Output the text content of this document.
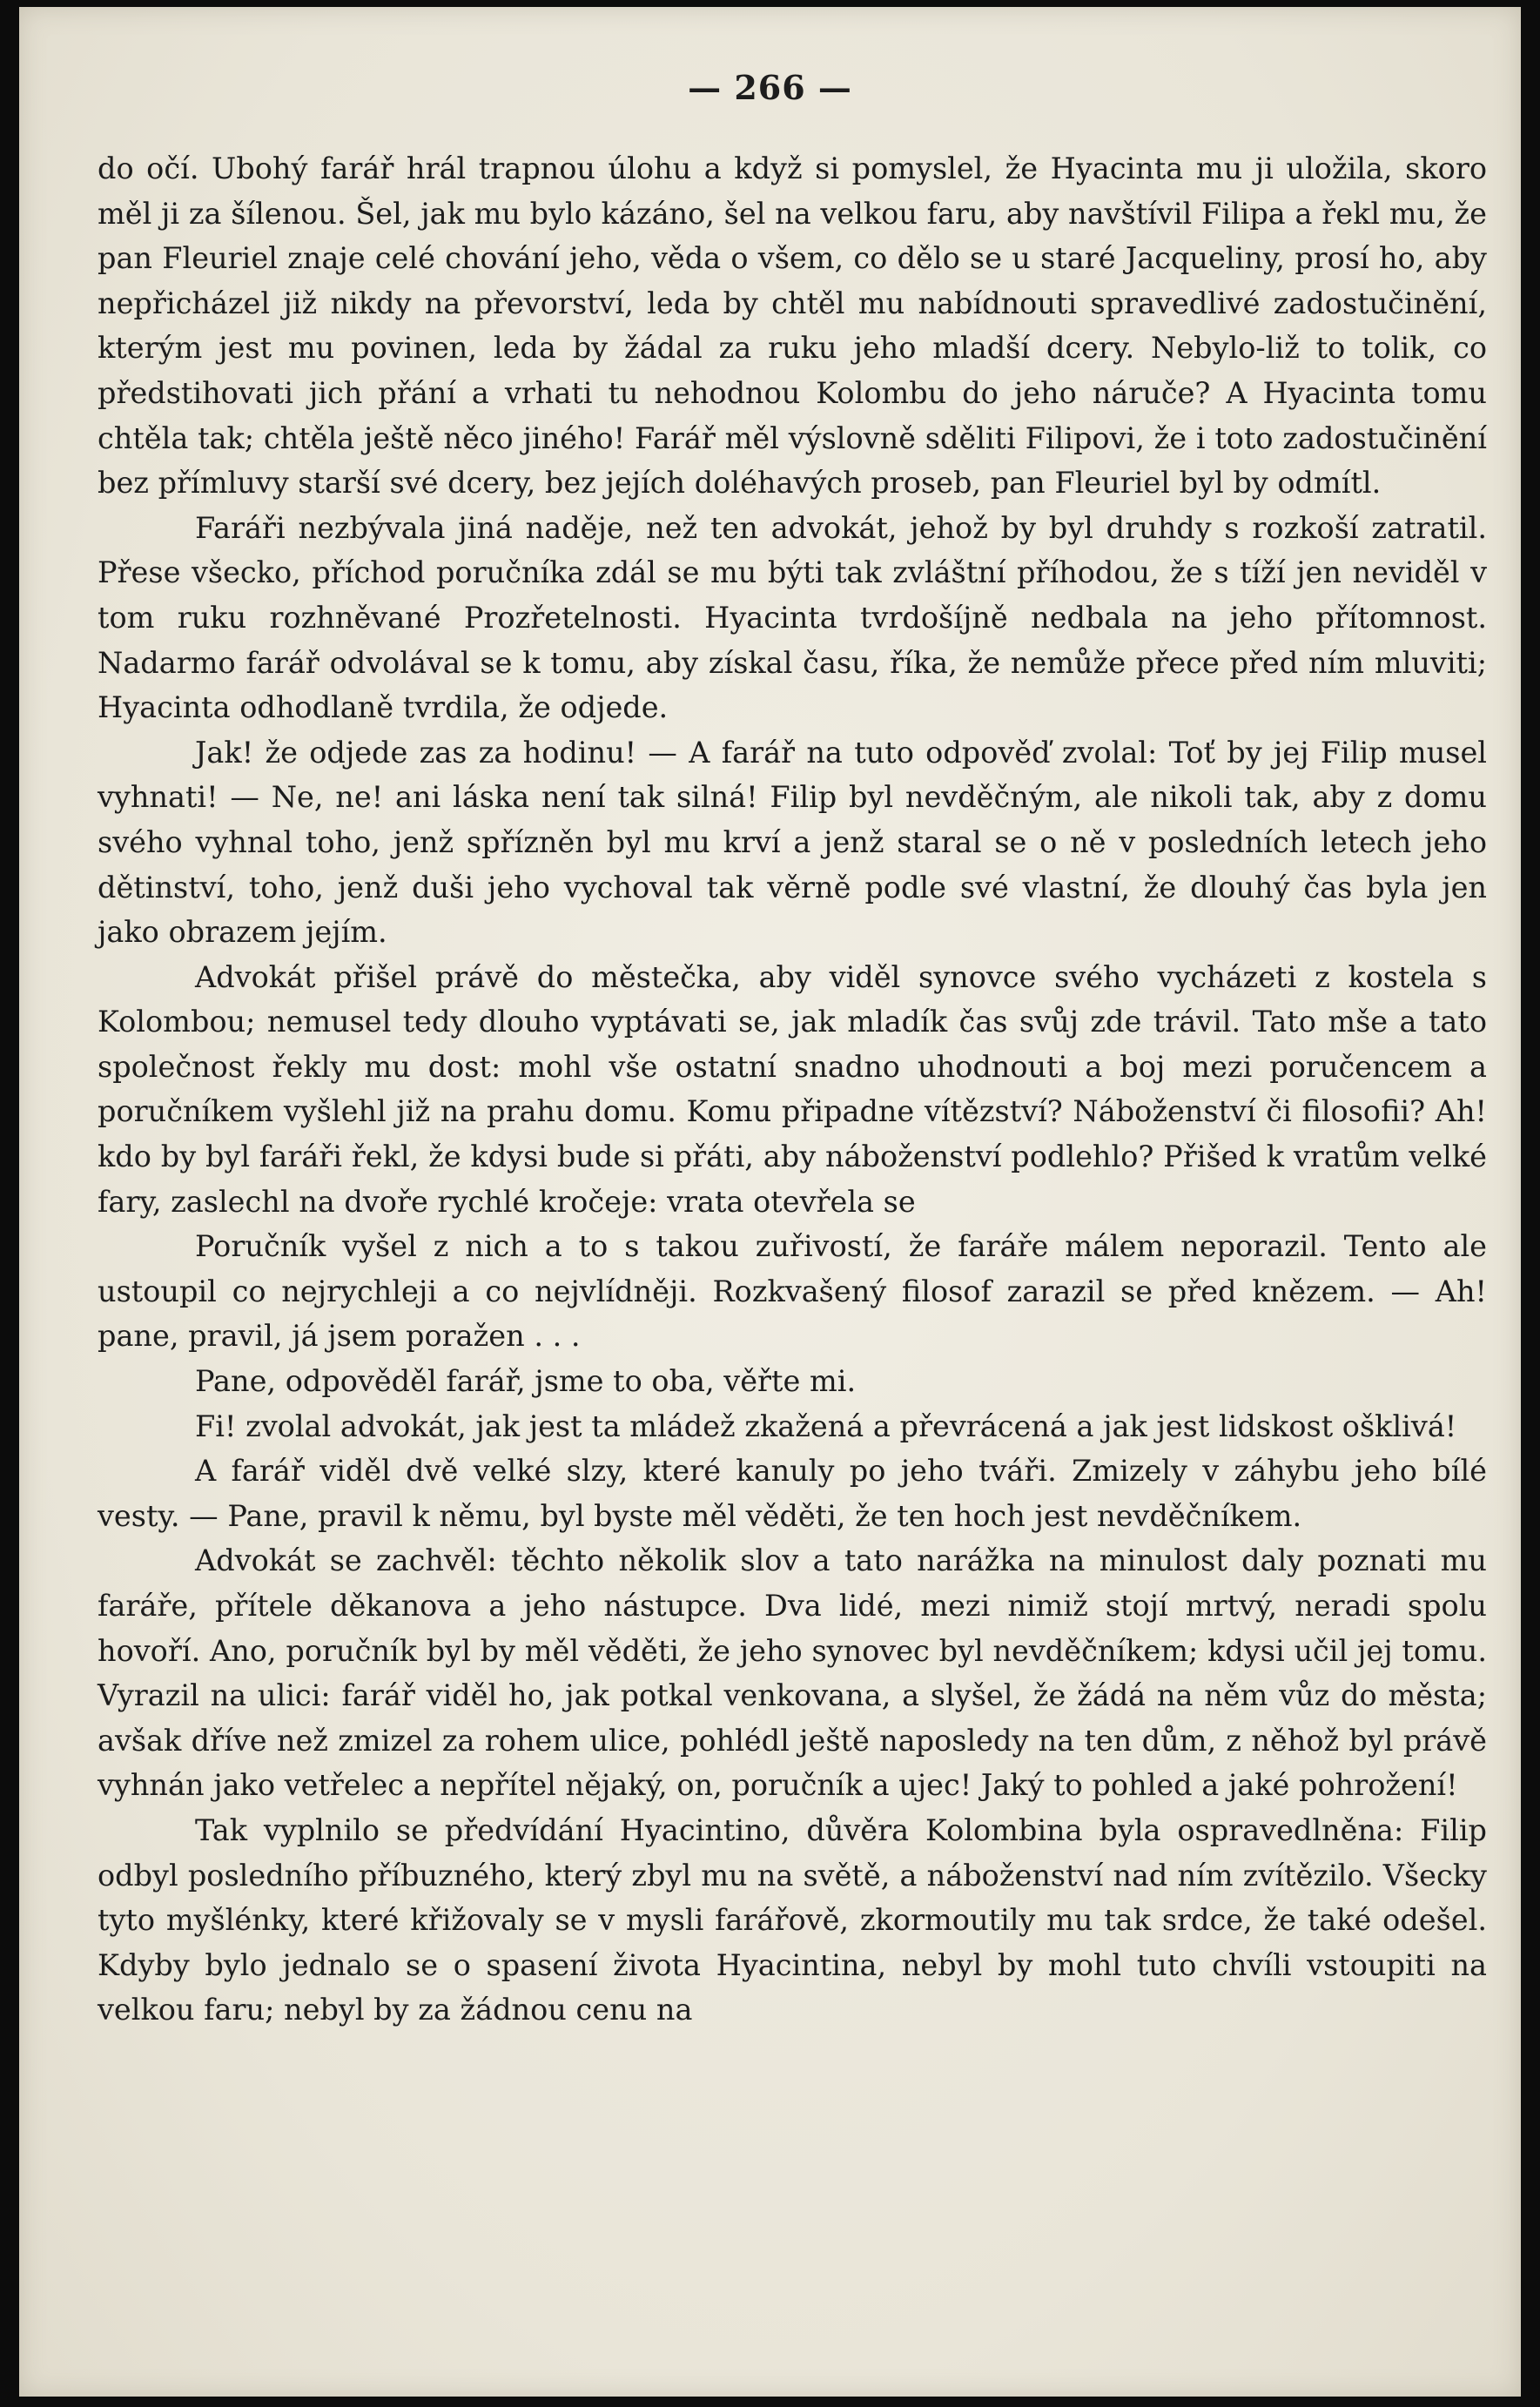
— 266 —

do očí. Ubohý farář hrál trapnou úlohu a když si pomyslel, že Hyacinta mu ji uložila, skoro měl ji za šílenou. Šel, jak mu bylo kázáno, šel na velkou faru, aby navštívil Filipa a řekl mu, že pan Fleuriel znaje celé chování jeho, věda o všem, co dělo se u staré Jacqueliny, prosí ho, aby nepřicházel již nikdy na převorství, leda by chtěl mu nabídnouti spravedlivé zadostučinění, kterým jest mu povinen, leda by žádal za ruku jeho mladší dcery. Nebylo-liž to tolik, co předstihovati jich přání a vrhati tu nehodnou Kolombu do jeho náruče? A Hyacinta tomu chtěla tak; chtěla ještě něco jiného! Farář měl výslovně sděliti Filipovi, že i toto zadostučinění bez přímluvy starší své dcery, bez jejích doléhavých proseb, pan Fleuriel byl by odmítl.

Faráři nezbývala jiná naděje, než ten advokát, jehož by byl druhdy s rozkoší zatratil. Přese všecko, příchod poručníka zdál se mu býti tak zvláštní příhodou, že s tíží jen neviděl v tom ruku rozhněvané Prozřetelnosti. Hyacinta tvrdošíjně nedbala na jeho přítomnost. Nadarmo farář odvolával se k tomu, aby získal času, říka, že nemůže přece před ním mluviti; Hyacinta odhodlaně tvrdila, že odjede.

Jak! že odjede zas za hodinu! — A farář na tuto odpověď zvolal: Toť by jej Filip musel vyhnati! — Ne, ne! ani láska není tak silná! Filip byl nevděčným, ale nikoli tak, aby z domu svého vyhnal toho, jenž spřízněn byl mu krví a jenž staral se o ně v posledních letech jeho dětinství, toho, jenž duši jeho vychoval tak věrně podle své vlastní, že dlouhý čas byla jen jako obrazem jejím.

Advokát přišel právě do městečka, aby viděl synovce svého vycházeti z kostela s Kolombou; nemusel tedy dlouho vyptávati se, jak mladík čas svůj zde trávil. Tato mše a tato společnost řekly mu dost: mohl vše ostatní snadno uhodnouti a boj mezi poručencem a poručníkem vyšlehl již na prahu domu. Komu připadne vítězství? Náboženství či filosofii? Ah! kdo by byl faráři řekl, že kdysi bude si přáti, aby náboženství podlehlo? Přišed k vratům velké fary, zaslechl na dvoře rychlé kročeje: vrata otevřela se

Poručník vyšel z nich a to s takou zuřivostí, že faráře málem neporazil. Tento ale ustoupil co nejrychleji a co nejvlídněji. Rozkvašený filosof zarazil se před knězem. — Ah! pane, pravil, já jsem poražen . . .

Pane, odpověděl farář, jsme to oba, věřte mi.

Fi! zvolal advokát, jak jest ta mládež zkažená a převrácená a jak jest lidskost ošklivá!

A farář viděl dvě velké slzy, které kanuly po jeho tváři. Zmizely v záhybu jeho bílé vesty. — Pane, pravil k němu, byl byste měl věděti, že ten hoch jest nevděčníkem.

Advokát se zachvěl: těchto několik slov a tato narážka na minulost daly poznati mu faráře, přítele děkanova a jeho nástupce. Dva lidé, mezi nimiž stojí mrtvý, neradi spolu hovoří. Ano, poručník byl by měl věděti, že jeho synovec byl nevděčníkem; kdysi učil jej tomu. Vyrazil na ulici: farář viděl ho, jak potkal venkovana, a slyšel, že žádá na něm vůz do města; avšak dříve než zmizel za rohem ulice, pohlédl ještě naposledy na ten dům, z něhož byl právě vyhnán jako vetřelec a nepřítel nějaký, on, poručník a ujec! Jaký to pohled a jaké pohrožení!

Tak vyplnilo se předvídání Hyacintino, důvěra Kolombina byla ospravedlněna: Filip odbyl posledního příbuzného, který zbyl mu na světě, a náboženství nad ním zvítězilo. Všecky tyto myšlénky, které křižovaly se v mysli farářově, zkormoutily mu tak srdce, že také odešel. Kdyby bylo jednalo se o spasení života Hyacintina, nebyl by mohl tuto chvíli vstoupiti na velkou faru; nebyl by za žádnou cenu na
